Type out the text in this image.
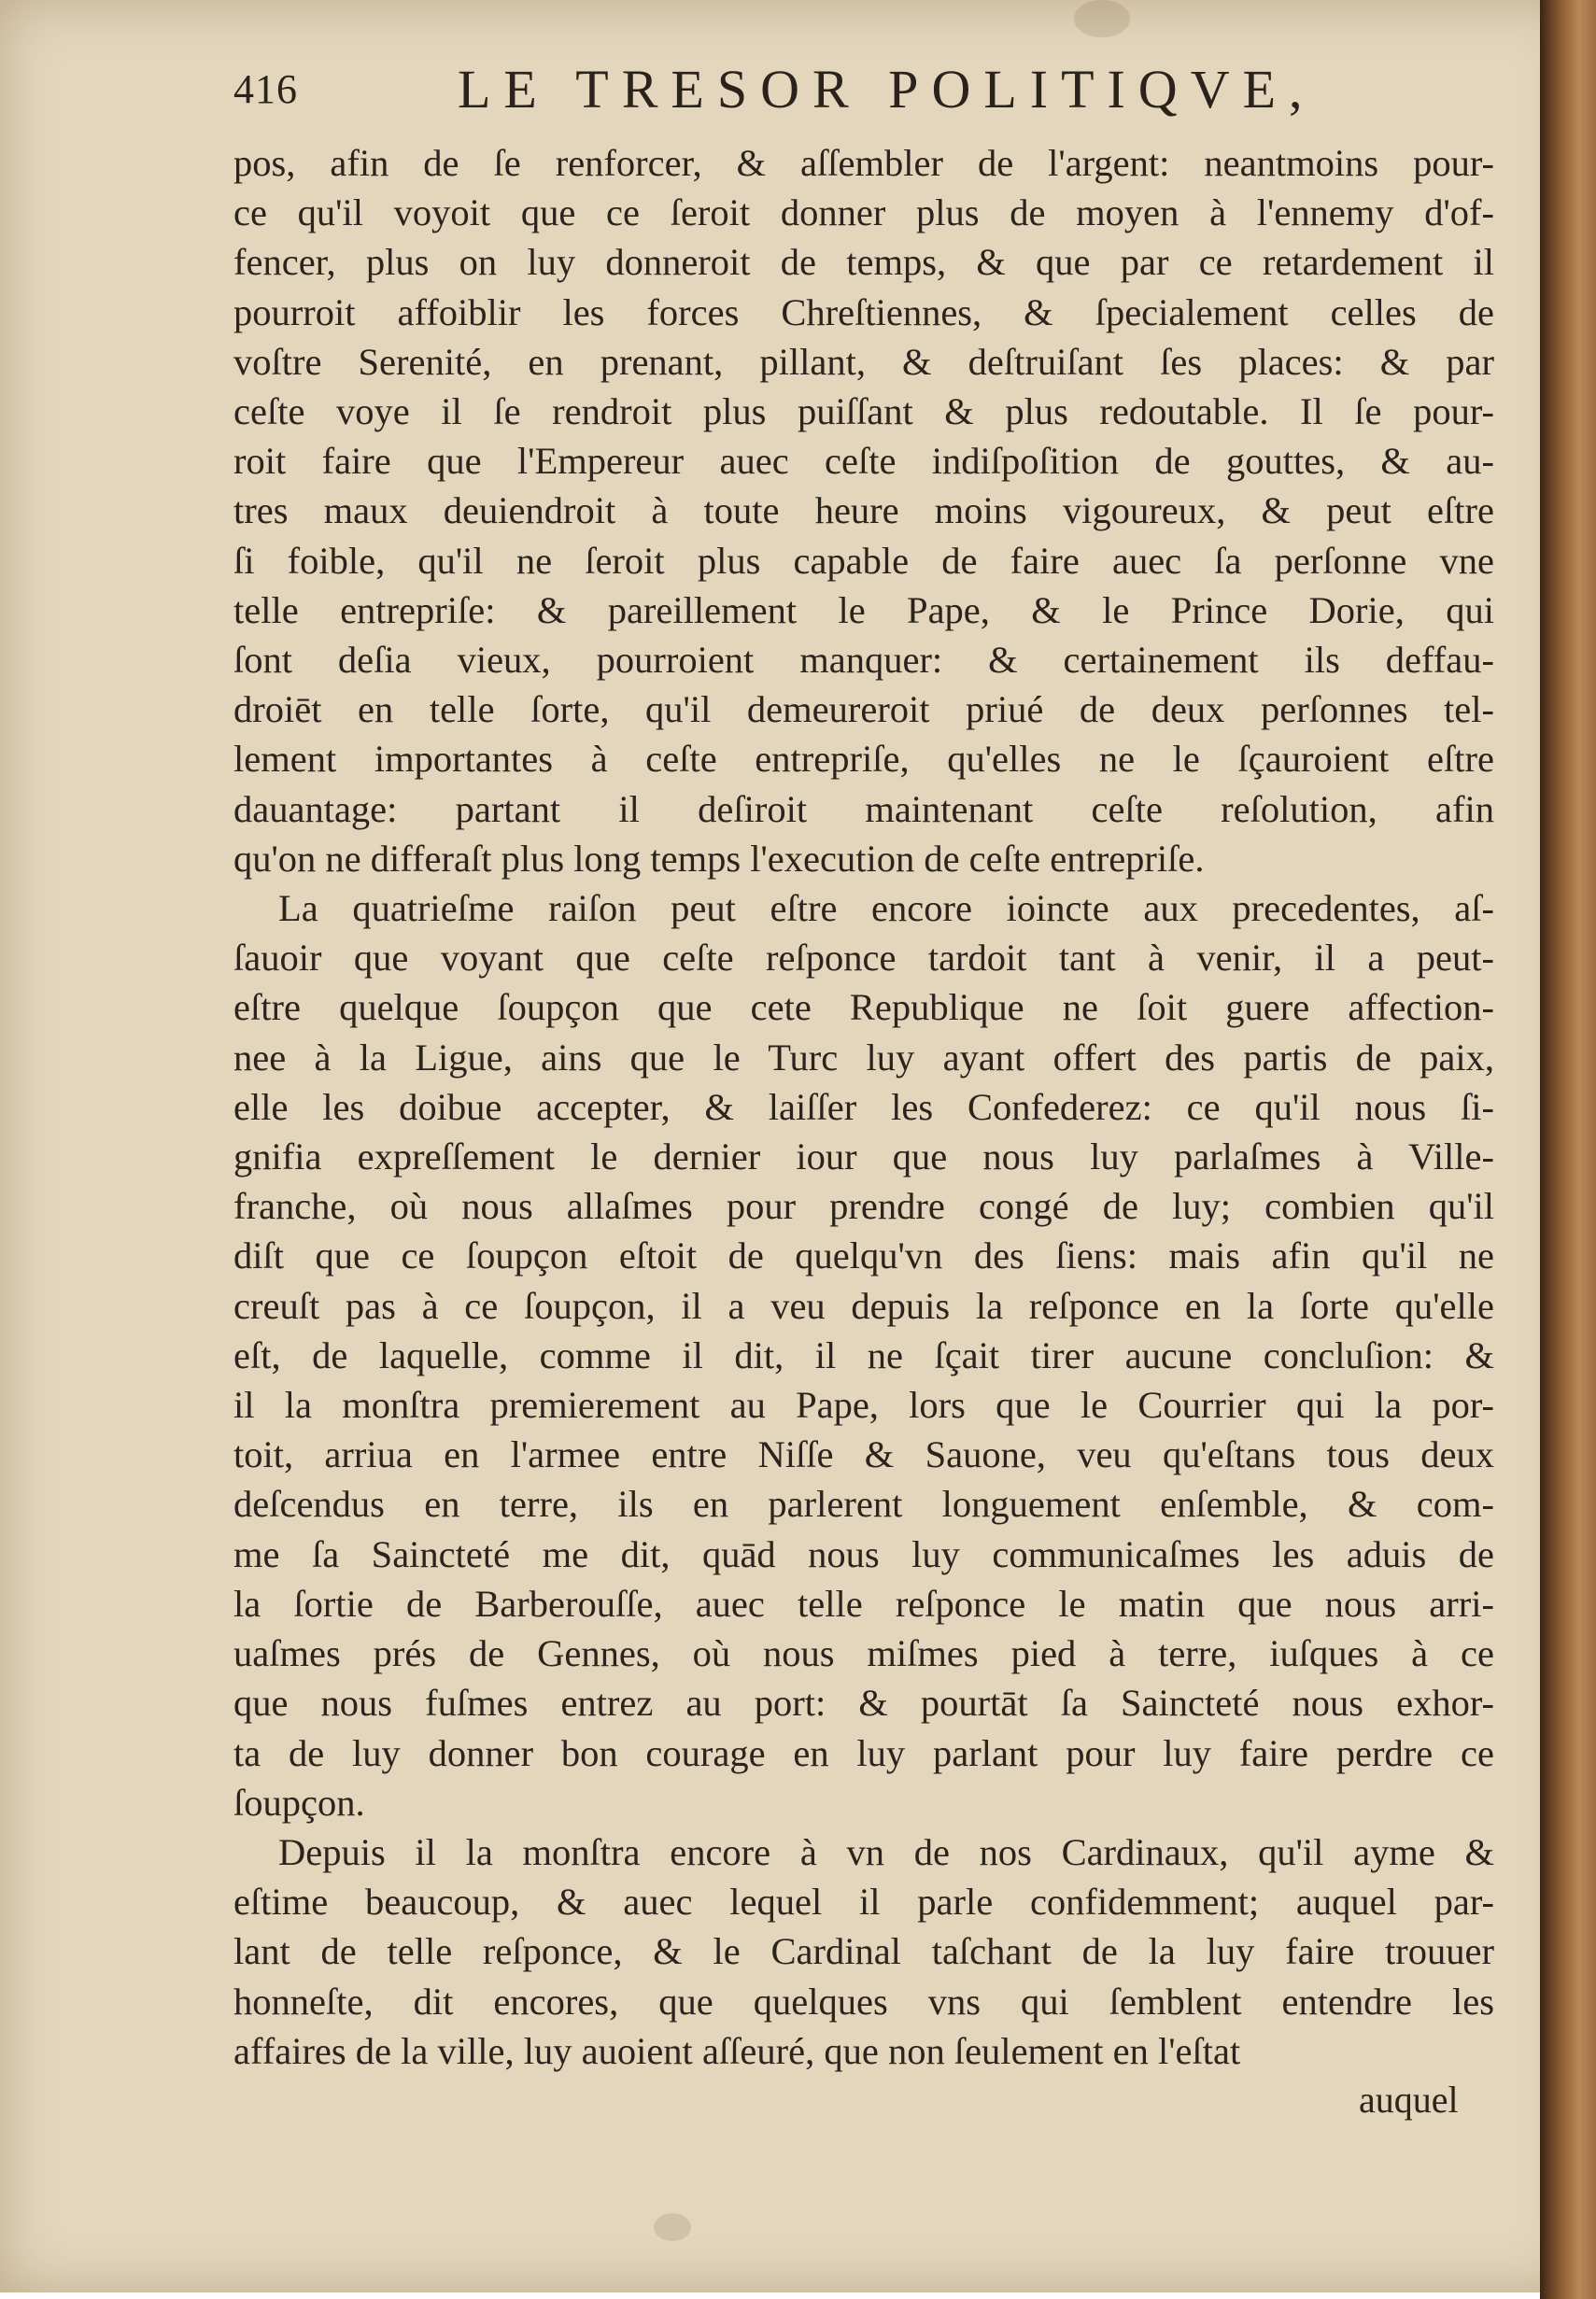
416	LE TRESOR POLITIQVE,
pos, afin de ſe renforcer, & aſſembler de l'argent: neantmoins pour-
ce qu'il voyoit que ce ſeroit donner plus de moyen à l'ennemy d'of-
fencer, plus on luy donneroit de temps, & que par ce retardement il
pourroit affoiblir les forces Chreſtiennes, & ſpecialement celles de
voſtre Serenité, en prenant, pillant, & deſtruiſant ſes places: & par
ceſte voye il ſe rendroit plus puiſſant & plus redoutable. Il ſe pour-
roit faire que l'Empereur auec ceſte indiſpoſition de gouttes, & au-
tres maux deuiendroit à toute heure moins vigoureux, & peut eſtre
ſi foible, qu'il ne ſeroit plus capable de faire auec ſa perſonne vne
telle entrepriſe: & pareillement le Pape, & le Prince Dorie, qui
ſont deſia vieux, pourroient manquer: & certainement ils deffau-
droiēt en telle ſorte, qu'il demeureroit priué de deux perſonnes tel-
lement importantes à ceſte entrepriſe, qu'elles ne le ſçauroient eſtre
dauantage: partant il deſiroit maintenant ceſte reſolution, afin
qu'on ne differaſt plus long temps l'execution de ceſte entrepriſe.
La quatrieſme raiſon peut eſtre encore ioincte aux precedentes, aſ-
ſauoir que voyant que ceſte reſponce tardoit tant à venir, il a peut-
eſtre quelque ſoupçon que cete Republique ne ſoit guere affection-
nee à la Ligue, ains que le Turc luy ayant offert des partis de paix,
elle les doibue accepter, & laiſſer les Confederez: ce qu'il nous ſi-
gnifia expreſſement le dernier iour que nous luy parlaſmes à Ville-
franche, où nous allaſmes pour prendre congé de luy; combien qu'il
diſt que ce ſoupçon eſtoit de quelqu'vn des ſiens: mais afin qu'il ne
creuſt pas à ce ſoupçon, il a veu depuis la reſponce en la ſorte qu'elle
eſt, de laquelle, comme il dit, il ne ſçait tirer aucune concluſion: &
il la monſtra premierement au Pape, lors que le Courrier qui la por-
toit, arriua en l'armee entre Niſſe & Sauone, veu qu'eſtans tous deux
deſcendus en terre, ils en parlerent longuement enſemble, & com-
me ſa Saincteté me dit, quād nous luy communicaſmes les aduis de
la ſortie de Barberouſſe, auec telle reſponce le matin que nous arri-
uaſmes prés de Gennes, où nous miſmes pied à terre, iuſques à ce
que nous fuſmes entrez au port: & pourtāt ſa Saincteté nous exhor-
ta de luy donner bon courage en luy parlant pour luy faire perdre ce
ſoupçon.
Depuis il la monſtra encore à vn de nos Cardinaux, qu'il ayme &
eſtime beaucoup, & auec lequel il parle confidemment; auquel par-
lant de telle reſponce, & le Cardinal taſchant de la luy faire trouuer
honneſte, dit encores, que quelques vns qui ſemblent entendre les
affaires de la ville, luy auoient aſſeuré, que non ſeulement en l'eſtat
auquel
